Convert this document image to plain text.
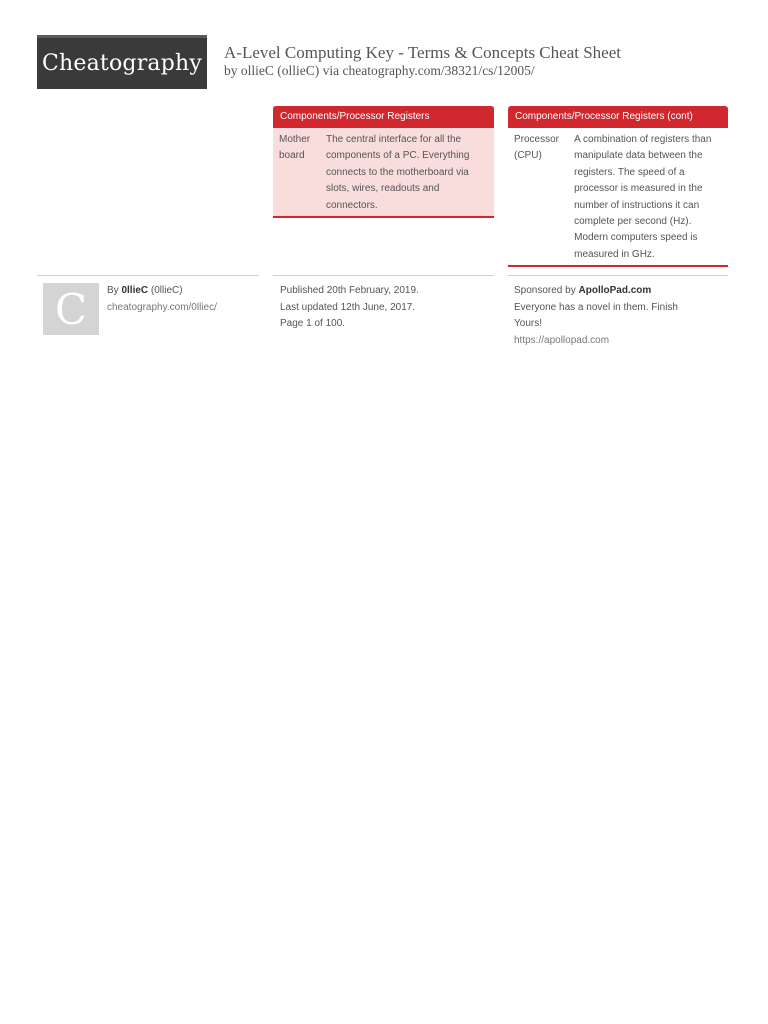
Cheatography A-Level Computing Key - Terms & Concepts Cheat Sheet
by ollieC (ollieC) via cheatography.com/38321/cs/12005/
Components/Processor Registers
Mother
board
The central interface for all the
components of a PC. Everything
connects to the motherboard via
slots, wires, readouts and
connectors.
Components/Processor Registers (cont)
Processor
(CPU)
A combination of registers than
manipulate data between the
registers. The speed of a
processor is measured in the
number of instructions it can
complete per second (Hz).
Modern computers speed is
measured in GHz.
C	By 0llieC (0llieC)
cheatography.com/0lliec/
Published 20th February, 2019.
Last updated 12th June, 2017.
Page 1 of 100.
Sponsored by ApolloPad.com
Everyone has a novel in them. Finish
Yours!
https://apollopad.com
